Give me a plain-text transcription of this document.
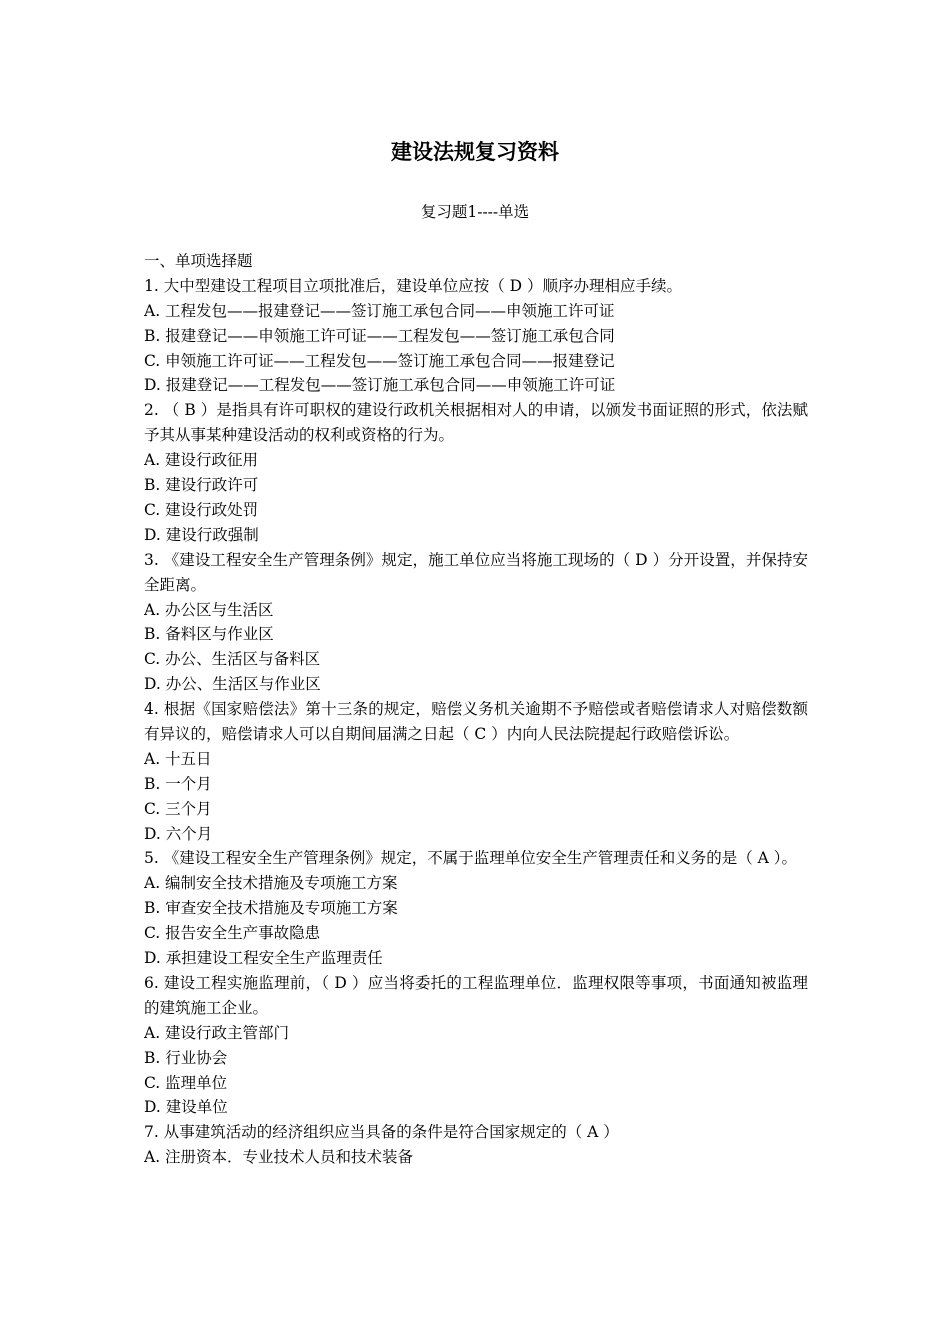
建设法规复习资料
复习题1----单选
一、单项选择题
1. 大中型建设工程项目立项批准后，建设单位应按（ D ）顺序办理相应手续。
A. 工程发包——报建登记——签订施工承包合同——申领施工许可证
B. 报建登记——申领施工许可证——工程发包——签订施工承包合同
C. 申领施工许可证——工程发包——签订施工承包合同——报建登记
D. 报建登记——工程发包——签订施工承包合同——申领施工许可证
2. （ B ）是指具有许可职权的建设行政机关根据相对人的申请，以颁发书面证照的形式，依法赋予其从事某种建设活动的权利或资格的行为。
A. 建设行政征用
B. 建设行政许可
C. 建设行政处罚
D. 建设行政强制
3. 《建设工程安全生产管理条例》规定，施工单位应当将施工现场的（ D ）分开设置，并保持安全距离。
A. 办公区与生活区
B. 备料区与作业区
C. 办公、生活区与备料区
D. 办公、生活区与作业区
4. 根据《国家赔偿法》第十三条的规定，赔偿义务机关逾期不予赔偿或者赔偿请求人对赔偿数额有异议的，赔偿请求人可以自期间届满之日起（ C ）内向人民法院提起行政赔偿诉讼。
A. 十五日
B. 一个月
C. 三个月
D. 六个月
5. 《建设工程安全生产管理条例》规定，不属于监理单位安全生产管理责任和义务的是（ A ）。
A. 编制安全技术措施及专项施工方案
B. 审查安全技术措施及专项施工方案
C. 报告安全生产事故隐患
D. 承担建设工程安全生产监理责任
6. 建设工程实施监理前，（ D ）应当将委托的工程监理单位．监理权限等事项，书面通知被监理的建筑施工企业。
A. 建设行政主管部门
B. 行业协会
C. 监理单位
D. 建设单位
7. 从事建筑活动的经济组织应当具备的条件是符合国家规定的（ A ）
A. 注册资本．专业技术人员和技术装备
